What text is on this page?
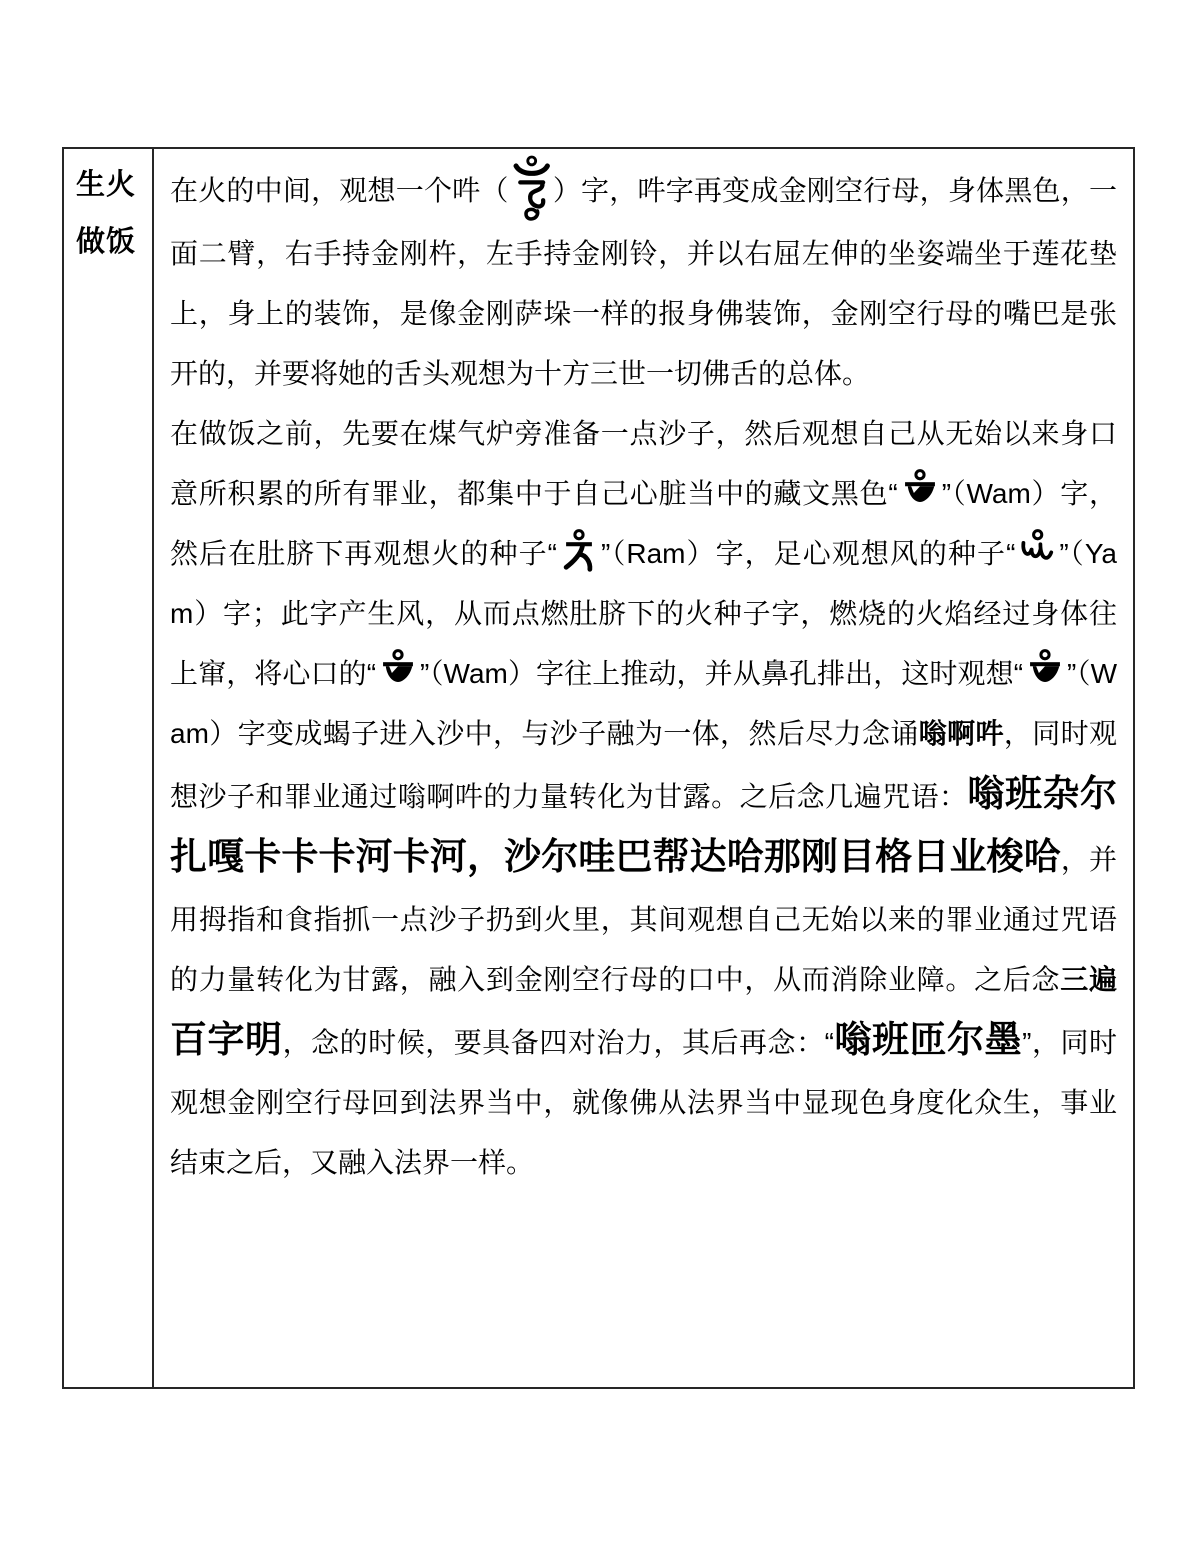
生火做饭
在火的中间，观想一个吽（ ）字，吽字再变成金刚空行母，身体黑色，一面二臂，右手持金刚杵，左手持金刚铃，并以右屈左伸的坐姿端坐于莲花垫上，身上的装饰，是像金刚萨垛一样的报身佛装饰，金刚空行母的嘴巴是张开的，并要将她的舌头观想为十方三世一切佛舌的总体。
在做饭之前，先要在煤气炉旁准备一点沙子，然后观想自己从无始以来身口意所积累的所有罪业，都集中于自己心脏当中的藏文黑色“ ”（Wam）字，然后在肚脐下再观想火的种子“ ”（Ram）字，足心观想风的种子“ ”（Yam）字；此字产生风，从而点燃肚脐下的火种子字，燃烧的火焰经过身体往上窜，将心口的“ ”（Wam）字往上推动，并从鼻孔排出，这时观想“ ”（Wam）字变成蝎子进入沙中，与沙子融为一体，然后尽力念诵嗡啊吽，同时观想沙子和罪业通过嗡啊吽的力量转化为甘露。之后念几遍咒语：嗡班杂尔扎嘎卡卡卡河卡河，沙尔哇巴帮达哈那刚目格日业梭哈，并用拇指和食指抓一点沙子扔到火里，其间观想自己无始以来的罪业通过咒语的力量转化为甘露，融入到金刚空行母的口中，从而消除业障。之后念三遍百字明，念的时候，要具备四对治力，其后再念：“嗡班匝尔墨”，同时观想金刚空行母回到法界当中，就像佛从法界当中显现色身度化众生，事业结束之后，又融入法界一样。
